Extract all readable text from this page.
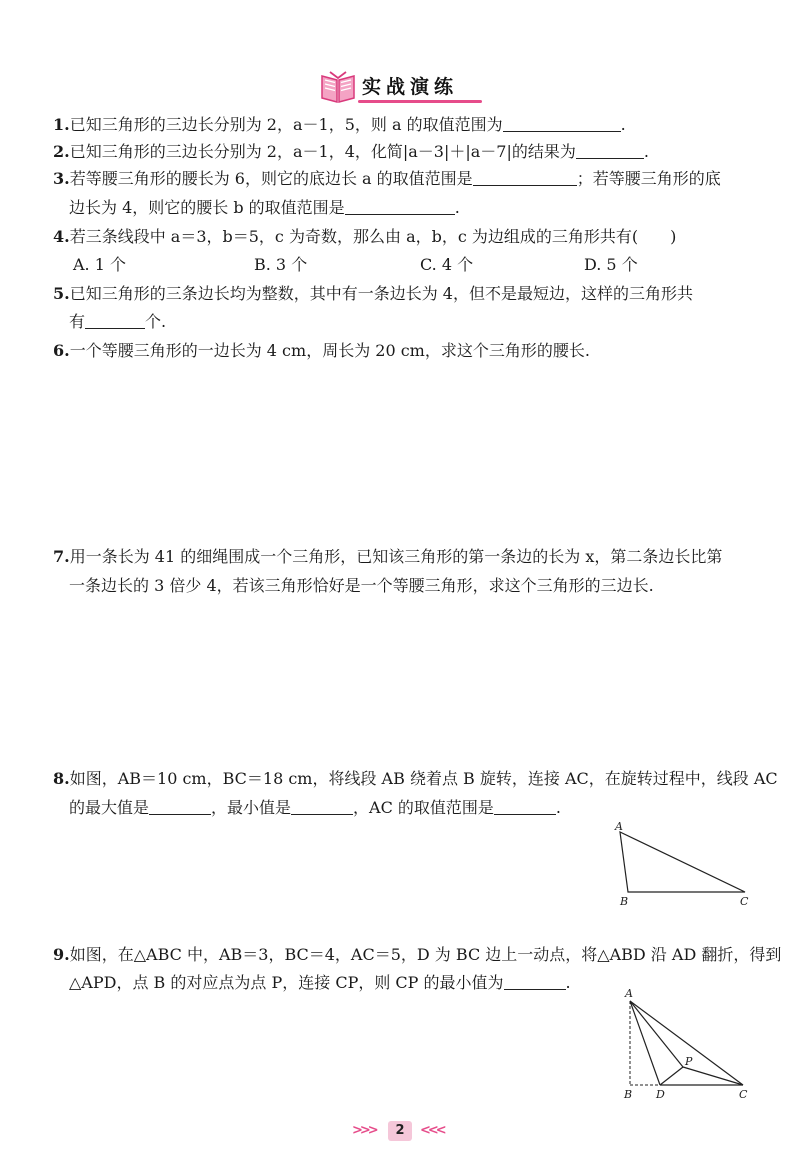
实战演练
1.已知三角形的三边长分别为 2，a－1，5，则 a 的取值范围为	.
2.已知三角形的三边长分别为 2，a－1，4，化简|a－3|＋|a－7|的结果为	.
3.若等腰三角形的腰长为 6，则它的底边长 a 的取值范围是	；若等腰三角形的底
边长为 4，则它的腰长 b 的取值范围是	.
4.若三条线段中 a＝3，b＝5，c 为奇数，那么由 a，b，c 为边组成的三角形共有(　　)
A. 1 个	B. 3 个	C. 4 个	D. 5 个
5.已知三角形的三条边长均为整数，其中有一条边长为 4，但不是最短边，这样的三角形共
有	个.
6.一个等腰三角形的一边长为 4 cm，周长为 20 cm，求这个三角形的腰长.
7.用一条长为 41 的细绳围成一个三角形，已知该三角形的第一条边的长为 x，第二条边长比第
一条边长的 3 倍少 4，若该三角形恰好是一个等腰三角形，求这个三角形的三边长.
8.如图，AB＝10 cm，BC＝18 cm，将线段 AB 绕着点 B 旋转，连接 AC，在旋转过程中，线段 AC
的最大值是	，最小值是	，AC 的取值范围是	.
A
B	C
9.如图，在△ABC 中，AB＝3，BC＝4，AC＝5，D 为 BC 边上一动点，将△ABD 沿 AD 翻折，得到
△APD，点 B 的对应点为点 P，连接 CP，则 CP 的最小值为	.
A
P
B D	C
>>>	2	<<<
